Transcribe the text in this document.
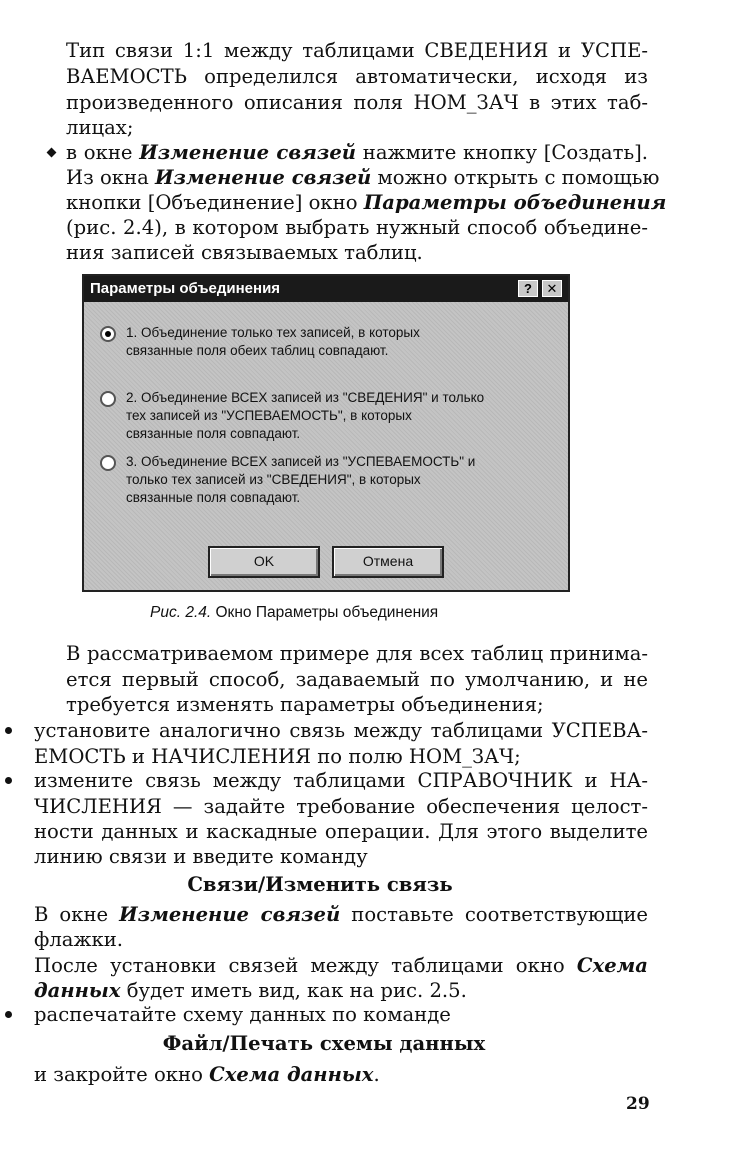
Тип связи 1:1 между таблицами СВЕДЕНИЯ и УСПЕ-
ВАЕМОСТЬ определился автоматически, исходя из
произведенного описания поля НОМ_ЗАЧ в этих таб-
лицах;
в окне Изменение связей нажмите кнопку [Создать].
Из окна Изменение связей можно открыть с помощью
кнопки [Объединение] окно Параметры объединения
(рис. 2.4), в котором выбрать нужный способ объедине-
ния записей связываемых таблиц.
Параметры объединения	?	✕
1. Объединение только тех записей, в которых
связанные поля обеих таблиц совпадают.
2. Объединение ВСЕХ записей из "СВЕДЕНИЯ" и только
тех записей из "УСПЕВАЕМОСТЬ", в которых
связанные поля совпадают.
3. Объединение ВСЕХ записей из "УСПЕВАЕМОСТЬ" и
только тех записей из "СВЕДЕНИЯ", в которых
связанные поля совпадают.
OK	Отмена
Рис. 2.4. Окно Параметры объединения
В рассматриваемом примере для всех таблиц принима-
ется первый способ, задаваемый по умолчанию, и не
требуется изменять параметры объединения;
установите аналогично связь между таблицами УСПЕВА-
ЕМОСТЬ и НАЧИСЛЕНИЯ по полю НОМ_ЗАЧ;
измените связь между таблицами СПРАВОЧНИК и НА-
ЧИСЛЕНИЯ — задайте требование обеспечения целост-
ности данных и каскадные операции. Для этого выделите
линию связи и введите команду
Связи/Изменить связь
В окне Изменение связей поставьте соответствующие
флажки.
После установки связей между таблицами окно Схема
данных будет иметь вид, как на рис. 2.5.
распечатайте схему данных по команде
Файл/Печать схемы данных
и закройте окно Схема данных.
29
